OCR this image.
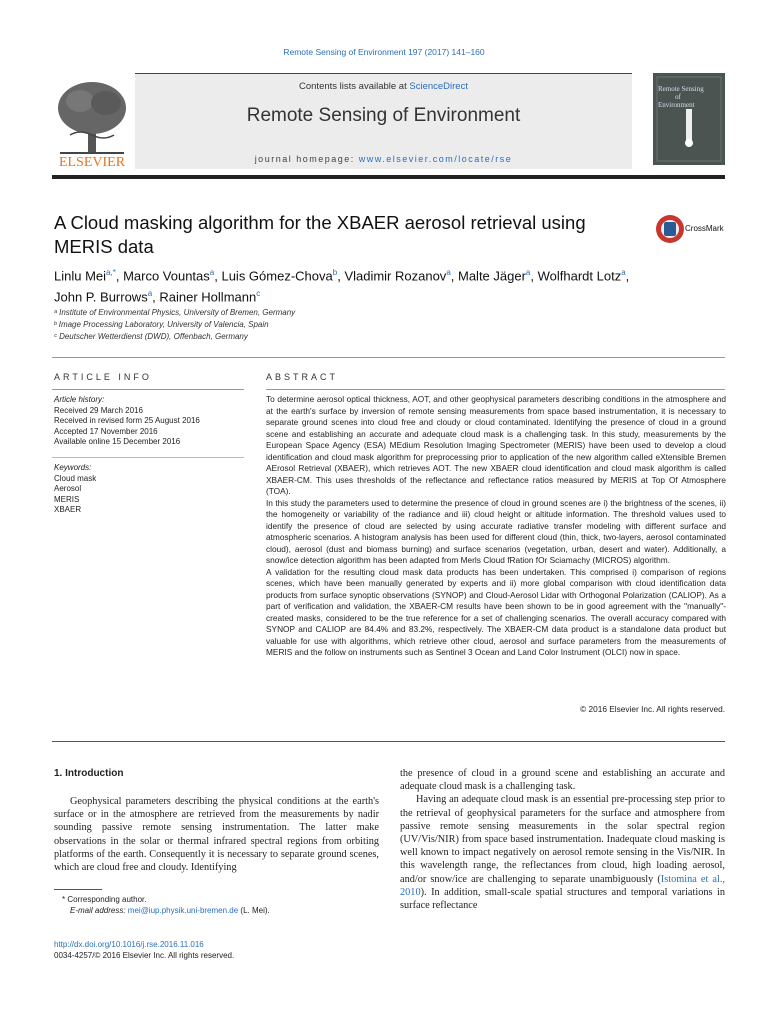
Remote Sensing of Environment 197 (2017) 141–160
ELSEVIER
Contents lists available at ScienceDirect
Remote Sensing of Environment
journal homepage: www.elsevier.com/locate/rse
Remote Sensing
of
Environment
A Cloud masking algorithm for the XBAER aerosol retrieval using MERIS data
CrossMark
Linlu Mei$^{a,*}$, Marco Vountas$^a$, Luis Gómez-Chova$^b$, Vladimir Rozanov$^a$, Malte Jäger$^a$, Wolfhardt Lotz$^a$,
John P. Burrows$^a$, Rainer Hollmann$^c$
ᵃ Institute of Environmental Physics, University of Bremen, Germany
ᵇ Image Processing Laboratory, University of Valencia, Spain
ᶜ Deutscher Wetterdienst (DWD), Offenbach, Germany
ARTICLE INFO
Article history:
Received 29 March 2016
Received in revised form 25 August 2016
Accepted 17 November 2016
Available online 15 December 2016
Keywords:
Cloud mask
Aerosol
MERIS
XBAER
ABSTRACT

To determine aerosol optical thickness, AOT, and other geophysical parameters describing conditions in the atmosphere and at the earth's surface by inversion of remote sensing measurements from space based instrumentation, it is necessary to separate ground scenes into cloud free and cloudy or cloud contaminated. Identifying the presence of cloud in a ground scene and establishing an accurate and adequate cloud mask is a challenging task. In this study, measurements by the European Space Agency (ESA) MEdium Resolution Imaging Spectrometer (MERIS) have been used to develop a cloud identification and cloud mask algorithm for preprocessing prior to application of the new algorithm called eXtensible Bremen AErosol Retrieval (XBAER), which retrieves AOT. The new XBAER cloud identification and cloud mask algorithm is called XBAER-CM. This uses thresholds of the reflectance and reflectance ratios measured by MERIS at Top Of Atmosphere (TOA).

In this study the parameters used to determine the presence of cloud in ground scenes are i) the brightness of the scenes, ii) the homogeneity or variability of the radiance and iii) cloud height or altitude information. The threshold values used to identify the presence of cloud are selected by using accurate radiative transfer modeling with different surface and atmospheric scenarios. A histogram analysis has been used for different cloud (thin, thick, two-layers, aerosol contaminated cloud), aerosol (dust and biomass burning) and surface scenarios (vegetation, urban, desert and water). Additionally, a snow/ice detection algorithm has been adapted from Merls Cloud fRation fOr Sciamachy (MICROS) algorithm.

A validation for the resulting cloud mask data products has been undertaken. This comprised i) comparison of regions scenes, which have been manually generated by experts and ii) more global comparison with cloud identification data products from surface synoptic observations (SYNOP) and Cloud-Aerosol Lidar with Orthogonal Polarization (CALIOP). As a part of verification and validation, the XBAER-CM results have been shown to be in good agreement with the "manually"-created masks, considered to be the true reference for a set of challenging scenarios. The overall accuracy compared with SYNOP and CALIOP are 84.4% and 83.2%, respectively. The XBAER-CM data product is a standalone data product but valuable for use with algorithms, which retrieve other cloud, aerosol and surface parameters from the measurements of MERIS and the follow on instruments such as Sentinel 3 Ocean and Land Color Instrument (OLCI) now in space.

© 2016 Elsevier Inc. All rights reserved.
1. Introduction

Geophysical parameters describing the physical conditions at the earth's surface or in the atmosphere are retrieved from the measurements by nadir sounding passive remote sensing instrumentation. The latter make observations in the solar or thermal infrared spectral regions from orbiting platforms of the earth. Consequently it is necessary to separate ground scenes, which are cloud free and cloudy. Identifying

the presence of cloud in a ground scene and establishing an accurate and adequate cloud mask is a challenging task.

Having an adequate cloud mask is an essential pre-processing step prior to the retrieval of geophysical parameters for the surface and atmosphere from passive remote sensing measurements in the solar spectral region (UV/Vis/NIR) from space based instrumentation. Inadequate cloud masking is well known to impact negatively on aerosol remote sensing in the Vis/NIR. In this wavelength range, the reflectances from cloud, high loading aerosol, and/or snow/ice are challenging to separate unambiguously (Istomina et al., 2010). In addition, small-scale spatial structures and temporal variations in surface reflectance

* Corresponding author.
E-mail address: mei@iup.physik.uni-bremen.de (L. Mei).
http://dx.doi.org/10.1016/j.rse.2016.11.016
0034-4257/© 2016 Elsevier Inc. All rights reserved.
